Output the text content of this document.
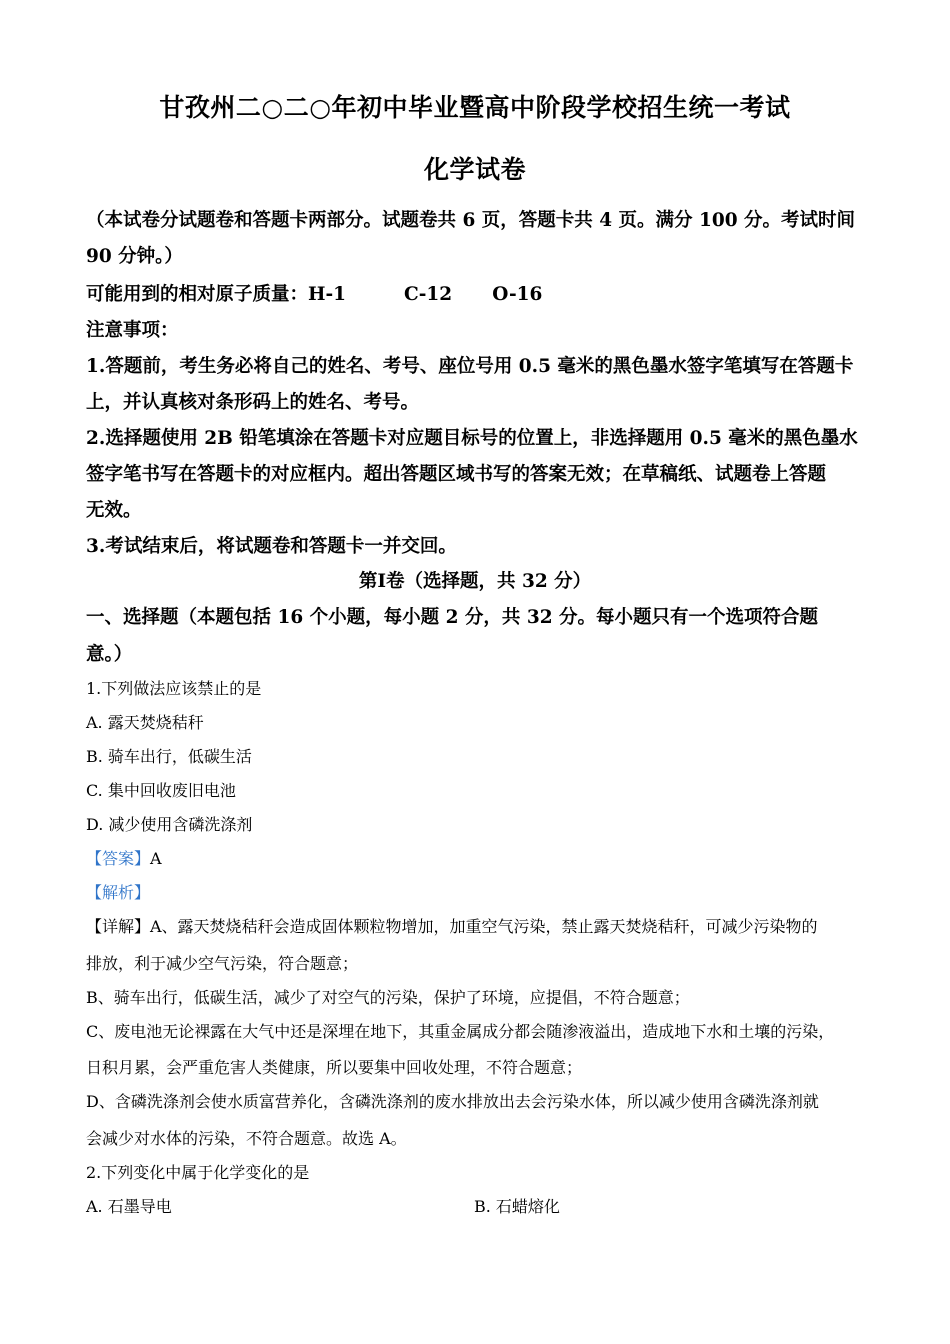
甘孜州二○二○年初中毕业暨高中阶段学校招生统一考试
化学试卷
（本试卷分试题卷和答题卡两部分。试题卷共 6 页，答题卡共 4 页。满分 100 分。考试时间
90 分钟。）
可能用到的相对原子质量：H-1	C-12 O-16
注意事项：
1.答题前，考生务必将自己的姓名、考号、座位号用 0.5 毫米的黑色墨水签字笔填写在答题卡
上，并认真核对条形码上的姓名、考号。
2.选择题使用 2B 铅笔填涂在答题卡对应题目标号的位置上，非选择题用 0.5 毫米的黑色墨水
签字笔书写在答题卡的对应框内。超出答题区域书写的答案无效；在草稿纸、试题卷上答题
无效。
3.考试结束后，将试题卷和答题卡一并交回。
第Ⅰ卷（选择题，共 32 分）
一、选择题（本题包括 16 个小题，每小题 2 分，共 32 分。每小题只有一个选项符合题
意。）
1.下列做法应该禁止的是
A. 露天焚烧秸秆
B. 骑车出行，低碳生活
C. 集中回收废旧电池
D. 减少使用含磷洗涤剂
【答案】A
【解析】
【详解】A、露天焚烧秸秆会造成固体颗粒物增加，加重空气污染，禁止露天焚烧秸秆，可减少污染物的
排放，利于减少空气污染，符合题意；
B、骑车出行，低碳生活，减少了对空气的污染，保护了环境，应提倡，不符合题意；
C、废电池无论裸露在大气中还是深埋在地下，其重金属成分都会随渗液溢出，造成地下水和土壤的污染，
日积月累，会严重危害人类健康，所以要集中回收处理，不符合题意；
D、含磷洗涤剂会使水质富营养化，含磷洗涤剂的废水排放出去会污染水体，所以减少使用含磷洗涤剂就
会减少对水体的污染，不符合题意。故选 A。
2.下列变化中属于化学变化的是
A. 石墨导电	B. 石蜡熔化
